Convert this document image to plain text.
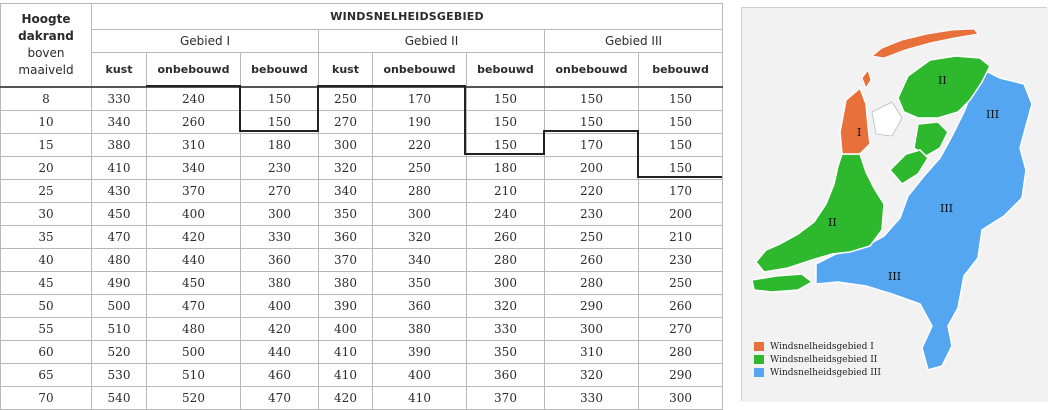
Hoogte
dakrand
boven
maaiveld	WINDSNELHEIDSGEBIED							
	Gebied I			Gebied II			Gebied III	
	kust	onbebouwd	bebouwd	kust	onbebouwd	bebouwd	onbebouwd	bebouwd
8	330	240	150	250	170	150	150	150
10	340	260	150	270	190	150	150	150
15	380	310	180	300	220	150	170	150
20	410	340	230	320	250	180	200	150
25	430	370	270	340	280	210	220	170
30	450	400	300	350	300	240	230	200
35	470	420	330	360	320	260	250	210
40	480	440	360	370	340	280	260	230
45	490	450	380	380	350	300	280	250
50	500	470	400	390	360	320	290	260
55	510	480	420	400	380	330	300	270
60	520	500	440	410	390	350	310	280
65	530	510	460	410	400	360	320	290
70	540	520	470	420	410	370	330	300
I
II
II
III
III
III
Windsnelheidsgebied I
Windsnelheidsgebied II
Windsnelheidsgebied III
